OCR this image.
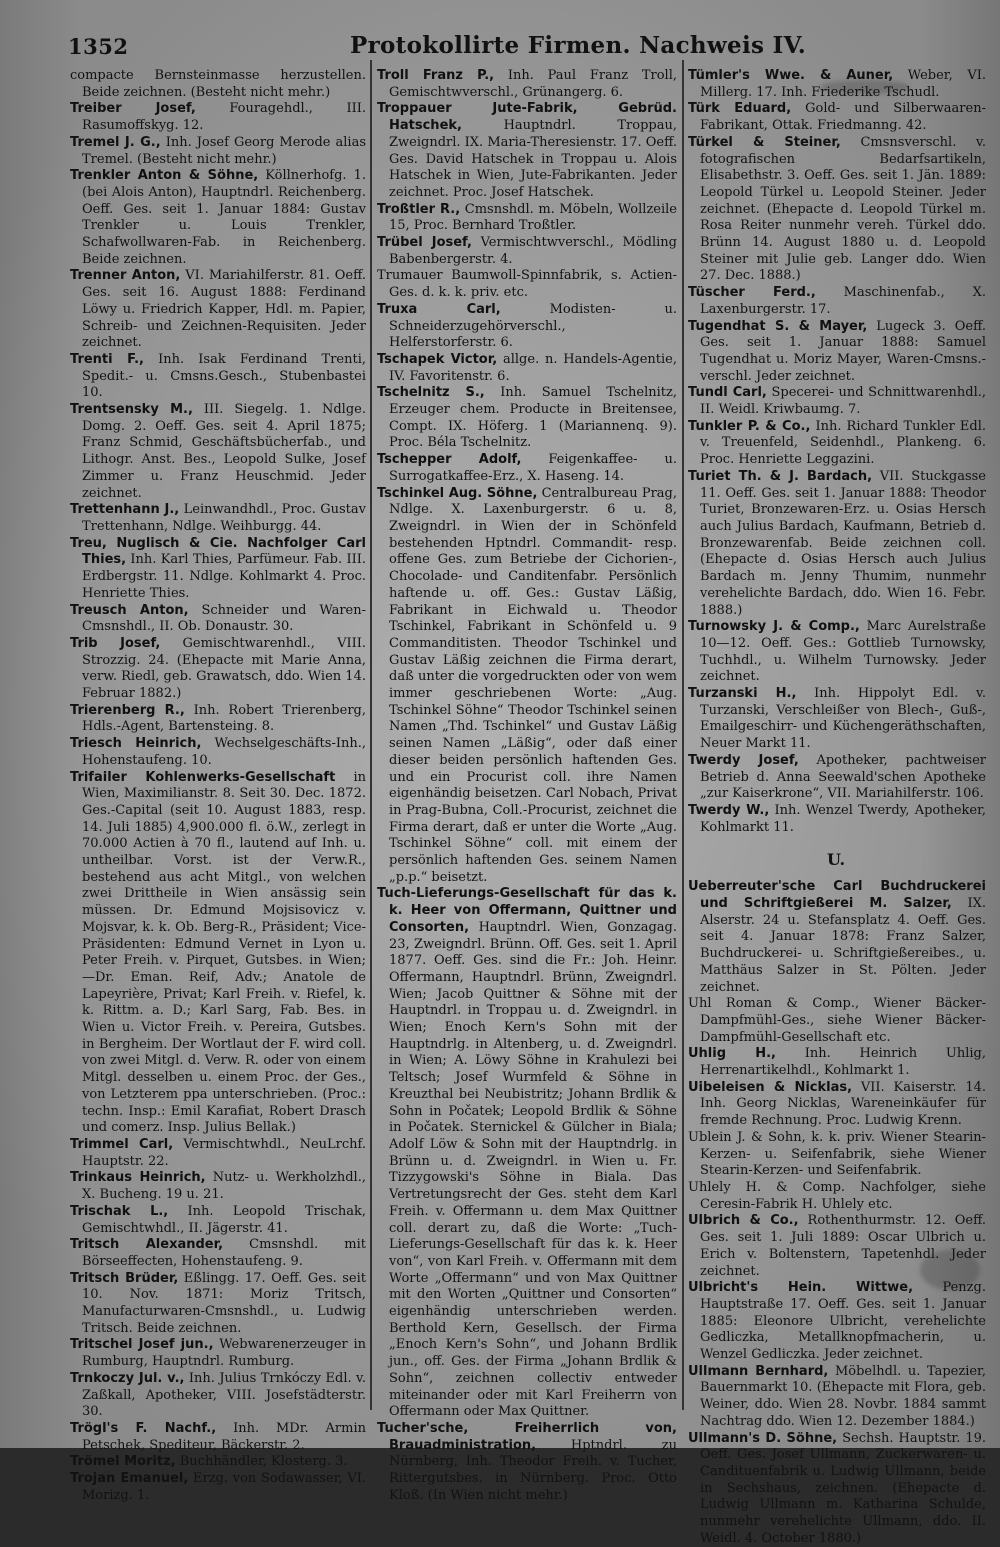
1352	Protokollirte Firmen. Nachweis IV.

compacte Bernsteinmasse herzustellen. Beide zeichnen. (Besteht nicht mehr.)

Treiber Josef,	Fouragehdl., III. Rasumoffskyg. 12.

Tremel J. G., Inh. Josef Georg Merode alias Tremel. (Besteht nicht mehr.)

Trenkler Anton & Söhne, Köllnerhofg. 1. (bei Alois Anton), Hauptndrl. Reichenberg. Oeff. Ges. seit 1. Januar 1884: Gustav Trenkler u. Louis Trenkler, Schafwollwaren-Fab. in Reichenberg. Beide zeichnen.

Trenner Anton, VI. Mariahilferstr. 81. Oeff. Ges. seit 16. August 1888: Ferdinand Löwy u. Friedrich Kapper, Hdl. m. Papier, Schreib- und Zeichnen-Requisiten. Jeder zeichnet.

Trenti F., Inh. Isak Ferdinand Trenti, Spedit.- u. Cmsns.Gesch., Stubenbastei 10.

Trentsensky M., III. Siegelg. 1. Ndlge. Domg. 2. Oeff. Ges. seit 4. April 1875; Franz Schmid, Geschäftsbücherfab., und Lithogr. Anst. Bes., Leopold Sulke, Josef Zimmer u. Franz Heuschmid. Jeder zeichnet.

Trettenhann J., Leinwandhdl., Proc. Gustav Trettenhann, Ndlge. Weihburgg. 44.

Treu, Nuglisch & Cie. Nachfolger Carl Thies, Inh. Karl Thies, Parfümeur. Fab. III. Erdbergstr. 11. Ndlge. Kohlmarkt 4. Proc. Henriette Thies.

Treusch Anton, Schneider und Waren-Cmsnshdl., II. Ob. Donaustr. 30.

Trib Josef, Gemischtwarenhdl., VIII. Strozzig. 24. (Ehepacte mit Marie Anna, verw. Riedl, geb. Grawatsch, ddo. Wien 14. Februar 1882.)

Trierenberg R., Inh. Robert Trierenberg, Hdls.-Agent, Bartensteing. 8.

Triesch Heinrich, Wechselgeschäfts-Inh., Hohenstaufeng. 10.

Trifailer Kohlenwerks-Gesellschaft in Wien, Maximilianstr. 8. Seit 30. Dec. 1872. Ges.-Capital (seit 10. August 1883, resp. 14. Juli 1885) 4,900.000 fl. ö.W., zerlegt in 70.000 Actien à 70 fl., lautend auf Inh. u. untheilbar. Vorst. ist der Verw.R., bestehend aus acht Mitgl., von welchen zwei Drittheile in Wien ansässig sein müssen. Dr. Edmund Mojsisovicz v. Mojsvar, k. k. Ob. Berg-R., Präsident; Vice-Präsidenten: Edmund Vernet in Lyon u. Peter Freih. v. Pirquet, Gutsbes. in Wien; —Dr. Eman. Reif, Adv.; Anatole de Lapeyrière, Privat; Karl Freih. v. Riefel, k. k. Rittm. a. D.; Karl Sarg, Fab. Bes. in Wien u. Victor Freih. v. Pereira, Gutsbes. in Bergheim. Der Wortlaut der F. wird coll. von zwei Mitgl. d. Verw. R. oder von einem Mitgl. desselben u. einem Proc. der Ges., von Letzterem ppa unterschrieben. (Proc.: techn. Insp.: Emil Karafiat, Robert Drasch und comerz. Insp. Julius Bellak.)

Trimmel Carl, Vermischtwhdl., NeuLrchf. Hauptstr. 22.

Trinkaus Heinrich, Nutz- u. Werkholzhdl., X. Bucheng. 19 u. 21.

Trischak L., Inh. Leopold Trischak, Gemischtwhdl., II. Jägerstr. 41.

Tritsch Alexander, Cmsnshdl. mit Börseeffecten, Hohenstaufeng. 9.

Tritsch Brüder, Eßlingg. 17. Oeff. Ges. seit 10. Nov. 1871: Moriz Tritsch, Manufacturwaren-Cmsnshdl., u. Ludwig Tritsch. Beide zeichnen.

Tritschel Josef jun., Webwarenerzeuger in Rumburg, Hauptndrl. Rumburg.

Trnkoczy Jul. v., Inh. Julius Trnkóczy Edl. v. Zaßkall, Apotheker, VIII. Josefstädterstr. 30.

Trögl's F. Nachf., Inh. MDr. Armin Petschek, Spediteur, Bäckerstr. 2.

Trömel Moritz, Buchhändler, Klosterg. 3.

Trojan Emanuel, Erzg. von Sodawasser, VI. Morizg. 1.

Troll Franz P., Inh. Paul Franz Troll, Gemischtwverschl., Grünangerg. 6.

Troppauer Jute-Fabrik, Gebrüd. Hatschek,	Hauptndrl. Troppau, Zweigndrl. IX. Maria-Theresienstr. 17. Oeff. Ges. David Hatschek in Troppau u. Alois Hatschek in Wien, Jute-Fabrikanten. Jeder zeichnet. Proc. Josef Hatschek.

Troßtler R., Cmsnshdl. m. Möbeln, Wollzeile 15, Proc. Bernhard Troßtler.

Trübel Josef, Vermischtwverschl., Mödling Babenbergerstr. 4.

Trumauer Baumwoll-Spinnfabrik, s. Actien-Ges. d. k. k. priv. etc.

Truxa Carl,	Modisten- u. Schneiderzugehörverschl., Helferstorferstr. 6.

Tschapek Victor, allge. n. Handels-Agentie, IV. Favoritenstr. 6.

Tschelnitz S., Inh. Samuel Tschelnitz, Erzeuger chem. Producte in Breitensee, Compt. IX. Höferg. 1 (Mariannenq. 9). Proc. Béla Tschelnitz.

Tschepper Adolf, Feigenkaffee- u. Surrogatkaffee-Erz., X. Haseng. 14.

Tschinkel Aug. Söhne, Centralbureau Prag, Ndlge. X. Laxenburgerstr. 6 u. 8, Zweigndrl. in Wien der in Schönfeld bestehenden Hptndrl. Commandit- resp. offene Ges. zum Betriebe der Cichorien-, Chocolade- und Canditenfabr. Persönlich haftende u. off. Ges.: Gustav Läßig, Fabrikant in Eichwald u. Theodor Tschinkel, Fabrikant in Schönfeld u. 9 Commanditisten. Theodor Tschinkel und Gustav Läßig zeichnen die Firma derart, daß unter die vorgedruckten oder von wem immer geschriebenen Worte: „Aug. Tschinkel Söhne“ Theodor Tschinkel seinen Namen „Thd. Tschinkel“ und Gustav Läßig seinen Namen „Läßig“, oder daß einer dieser beiden persönlich haftenden Ges. und ein Procurist coll. ihre Namen eigenhändig beisetzen. Carl Nobach, Privat in Prag-Bubna, Coll.-Procurist, zeichnet die Firma derart, daß er unter die Worte „Aug. Tschinkel Söhne“ coll. mit einem der persönlich haftenden Ges. seinem Namen „p.p.“ beisetzt.

Tuch-Lieferungs-Gesellschaft für das k. k. Heer von Offermann, Quittner und Consorten, Hauptndrl. Wien, Gonzagag. 23, Zweigndrl. Brünn. Off. Ges. seit 1. April 1877. Oeff. Ges. sind die Fr.: Joh. Heinr. Offermann, Hauptndrl. Brünn, Zweigndrl. Wien; Jacob Quittner & Söhne mit der Hauptndrl. in Troppau u. d. Zweigndrl. in Wien; Enoch Kern's Sohn mit der Hauptndrlg. in Altenberg, u. d. Zweigndrl. in Wien; A. Löwy Söhne in Krahulezi bei Teltsch; Josef Wurmfeld & Söhne in Kreuzthal bei Neubistritz; Johann Brdlik & Sohn in Počatek; Leopold Brdlik & Söhne in Počatek. Sternickel & Gülcher in Biala; Adolf Löw & Sohn mit der Hauptndrlg. in Brünn u. d. Zweigndrl. in Wien u. Fr. Tizzygowski's Söhne in Biala. Das Vertretungsrecht der Ges. steht dem Karl Freih. v. Offermann u. dem Max Quittner coll. derart zu, daß die Worte: „Tuch-Lieferungs-Gesellschaft für das k. k. Heer von“, von Karl Freih. v. Offermann mit dem Worte „Offermann“ und von Max Quittner mit den Worten „Quittner und Consorten“ eigenhändig unterschrieben werden. Berthold Kern, Gesellsch. der Firma „Enoch Kern's Sohn“, und Johann Brdlik jun., off. Ges. der Firma „Johann Brdlik & Sohn“, zeichnen collectiv entweder miteinander oder mit Karl Freiherrn von Offermann oder Max Quittner.

Tucher'sche, Freiherrlich von, Brauadministration,	Hptndrl. zu Nürnberg, Inh. Theodor Freih. v. Tucher, Rittergutsbes. in Nürnberg. Proc. Otto Kloß. (In Wien nicht mehr.)

Tümler's Wwe. & Auner, Weber, VI. Millerg. 17. Inh. Friederike Tschudl.

Türk Eduard, Gold- und Silberwaaren-Fabrikant, Ottak. Friedmanng. 42.

Türkel & Steiner, Cmsnsverschl. v. fotografischen Bedarfsartikeln, Elisabethstr. 3. Oeff. Ges. seit 1. Jän. 1889: Leopold Türkel u. Leopold Steiner. Jeder zeichnet. (Ehepacte d. Leopold Türkel m. Rosa Reiter nunmehr vereh. Türkel ddo. Brünn 14. August 1880 u. d. Leopold Steiner mit Julie geb. Langer ddo. Wien 27. Dec. 1888.)

Tüscher Ferd., Maschinenfab., X. Laxenburgerstr. 17.

Tugendhat S. & Mayer, Lugeck 3. Oeff. Ges. seit 1. Januar 1888: Samuel Tugendhat u. Moriz Mayer, Waren-Cmsns.-verschl. Jeder zeichnet.

Tundl Carl, Specerei- und Schnittwarenhdl., II. Weidl. Kriwbaumg. 7.

Tunkler P. & Co., Inh. Richard Tunkler Edl. v. Treuenfeld, Seidenhdl., Plankeng. 6. Proc. Henriette Leggazini.

Turiet Th. & J. Bardach, VII. Stuckgasse 11. Oeff. Ges. seit 1. Januar 1888: Theodor Turiet, Bronzewaren-Erz. u. Osias Hersch auch Julius Bardach, Kaufmann, Betrieb d. Bronzewarenfab. Beide zeichnen coll. (Ehepacte d. Osias Hersch auch Julius Bardach m. Jenny Thumim, nunmehr verehelichte Bardach, ddo. Wien 16. Febr. 1888.)

Turnowsky J. & Comp., Marc Aurelstraße 10—12. Oeff. Ges.: Gottlieb Turnowsky, Tuchhdl., u. Wilhelm Turnowsky. Jeder zeichnet.

Turzanski H., Inh. Hippolyt Edl. v. Turzanski, Verschleißer von Blech-, Guß-, Emailgeschirr- und Küchengeräthschaften, Neuer Markt 11.

Twerdy Josef, Apotheker, pachtweiser Betrieb d. Anna Seewald'schen Apotheke „zur Kaiserkrone“, VII. Mariahilferstr. 106.

Twerdy W., Inh. Wenzel Twerdy, Apotheker, Kohlmarkt 11.

U.

Ueberreuter'sche Carl Buchdruckerei und Schriftgießerei M. Salzer, IX. Alserstr. 24 u. Stefansplatz 4. Oeff. Ges. seit 4. Januar 1878: Franz Salzer, Buchdruckerei- u. Schriftgießereibes., u. Matthäus Salzer in St. Pölten. Jeder zeichnet.

Uhl Roman & Comp., Wiener Bäcker-Dampfmühl-Ges., siehe Wiener Bäcker-Dampfmühl-Gesellschaft etc.

Uhlig H., Inh. Heinrich Uhlig, Herrenartikelhdl., Kohlmarkt 1.

Uibeleisen & Nicklas, VII. Kaiserstr. 14. Inh. Georg Nicklas, Wareneinkäufer für fremde Rechnung. Proc. Ludwig Krenn.

Ublein J. & Sohn, k. k. priv. Wiener Stearin-Kerzen- u. Seifenfabrik, siehe Wiener Stearin-Kerzen- und Seifenfabrik.

Uhlely H. & Comp. Nachfolger, siehe Ceresin-Fabrik H. Uhlely etc.

Ulbrich & Co., Rothenthurmstr. 12. Oeff. Ges. seit 1. Juli 1889: Oscar Ulbrich u. Erich v. Boltenstern, Tapetenhdl. Jeder zeichnet.

Ulbricht's Hein. Wittwe, Penzg. Hauptstraße 17. Oeff. Ges. seit 1. Januar 1885: Eleonore Ulbricht, verehelichte Gedliczka, Metallknopfmacherin, u. Wenzel Gedliczka. Jeder zeichnet.

Ullmann Bernhard, Möbelhdl. u. Tapezier, Bauernmarkt 10. (Ehepacte mit Flora, geb. Weiner, ddo. Wien 28. Novbr. 1884 sammt Nachtrag ddo. Wien 12. Dezember 1884.)

Ullmann's D. Söhne, Sechsh. Hauptstr. 19. Oeff. Ges. Josef Ullmann, Zuckerwaren- u. Candituenfabrik u. Ludwig Ullmann, beide in Sechshaus, zeichnen. (Ehepacte d. Ludwig Ullmann m. Katharina Schulde, nunmehr verehelichte Ullmann, ddo. II. Weidl. 4. October 1880.)
